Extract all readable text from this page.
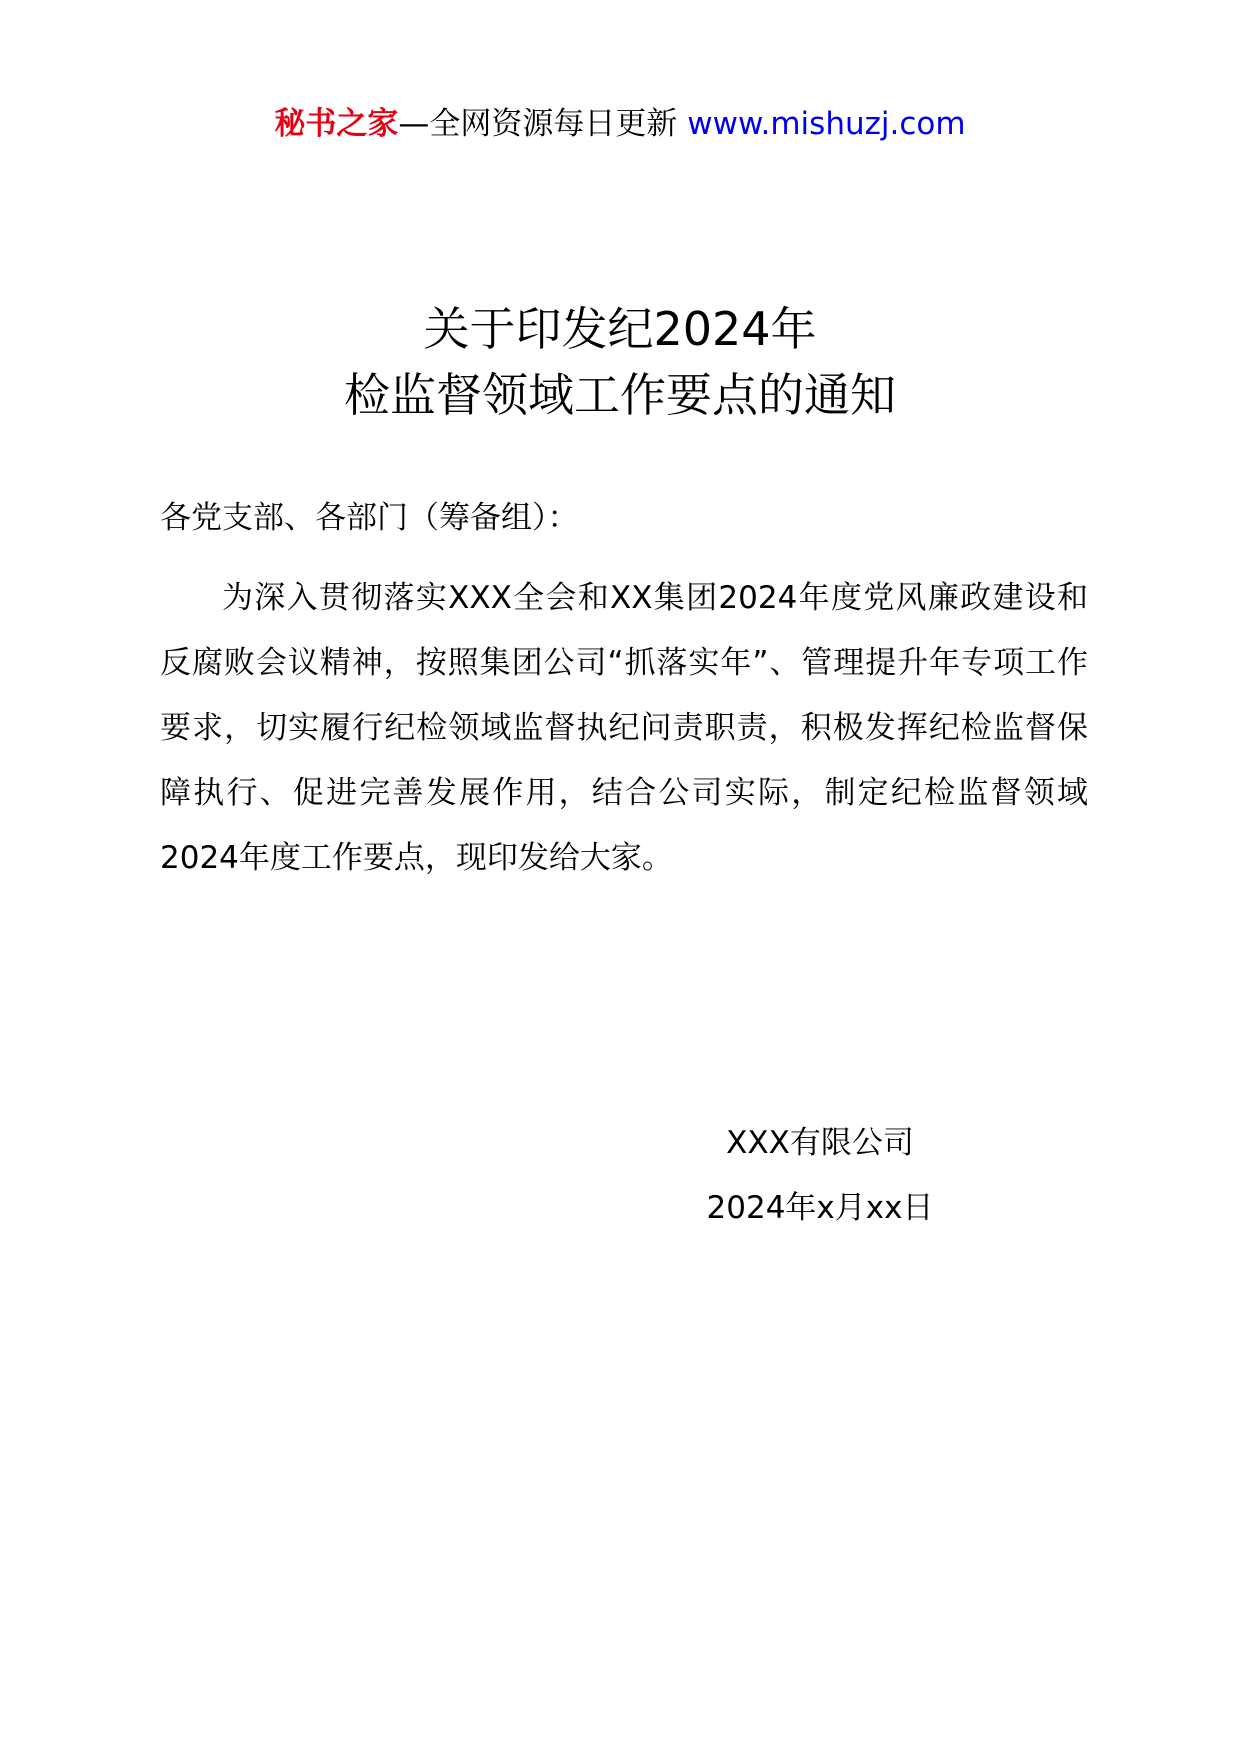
秘书之家—全网资源每日更新 www.mishuzj.com
关于印发纪2024年
检监督领域工作要点的通知
各党支部、各部门（筹备组）：
为深入贯彻落实XXX全会和XX集团2024年度党风廉政建设和反腐败会议精神，按照集团公司“抓落实年”、管理提升年专项工作要求，切实履行纪检领域监督执纪问责职责，积极发挥纪检监督保障执行、促进完善发展作用，结合公司实际，制定纪检监督领域2024年度工作要点，现印发给大家。
XXX有限公司
2024年x月xx日
